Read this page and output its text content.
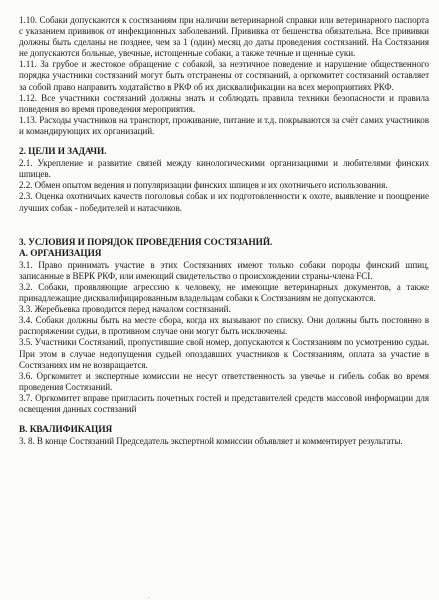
1.10. Собаки допускаются к состязаниям при наличии ветеринарной справки или ветеринарного паспорта с указанием прививок от инфекционных заболеваний. Прививка от бешенства обязательна. Все прививки должны быть сделаны не позднее, чем за 1 (один) месяц до даты проведения состязаний. На Состязания не допускаются больные, увечные, истощенные собаки, а также течные и щенные суки.

1.11. За грубое и жестокое обращение с собакой, за неэтичное поведение и нарушение общественного порядка участники состязаний могут быть отстранены от состязаний, а оргкомитет состязаний оставляет за собой право направить ходатайство в РКФ об их дисквалификации на всех мероприятиях РКФ.

1.12. Все участники состязаний должны знать и соблюдать правила техники безопасности и правила поведения во время проведения мероприятия.

1.13. Расходы участников на транспорт, проживание, питание и т.д. покрываются за счёт самих участников и командирующих их организаций.

2. ЦЕЛИ И ЗАДАЧИ.

2.1. Укрепление и развитие связей между кинологическими организациями и любителями финских шпицев.

2.2. Обмен опытом ведения и популяризации финских шпицев и их охотничьего использования.

2.3. Оценка охотничьих качеств поголовья собак и их подготовленности к охоте, выявление и поощрение лучших собак - победителей и натасчиков.

3. УСЛОВИЯ И ПОРЯДОК ПРОВЕДЕНИЯ СОСТЯЗАНИЙ.

А. ОРГАНИЗАЦИЯ

3.1. Право принимать участие в этих Состязаниях имеют только собаки породы финский шпиц, записанные в ВЕРК РКФ, или имеющий свидетельство о происхождении страны-члена FCI.

3.2. Собаки, проявляющие агрессию к человеку, не имеющие ветеринарных документов, а также принадлежащие дисквалифицированным владельцам собаки к Состязаниям не допускаются.

3.3. Жеребьевка проводится перед началом состязаний.

3.4. Собаки должны быть на месте сбора, когда их вызывают по списку. Они должны быть постоянно в распоряжении судьи, в противном случае они могут быть исключены.

3.5. Участники Состязаний, пропустившие свой номер, допускаются к Состязаниям по усмотрению судьи. При этом в случае недопущения судьей опоздавших участников к Состязаниям, оплата за участие в Состязаниях им не возвращается.

3.6. Оргкомитет и экспертные комиссии не несут ответственность за увечье и гибель собак во время проведения Состязаний.

3.7. Оргкомитет вправе пригласить почетных гостей и представителей средств массовой информации для освещения данных состязаний

В. КВАЛИФИКАЦИЯ

3. 8. В конце Состязаний Председатель экспертной комиссии объявляет и комментирует результаты.

.
